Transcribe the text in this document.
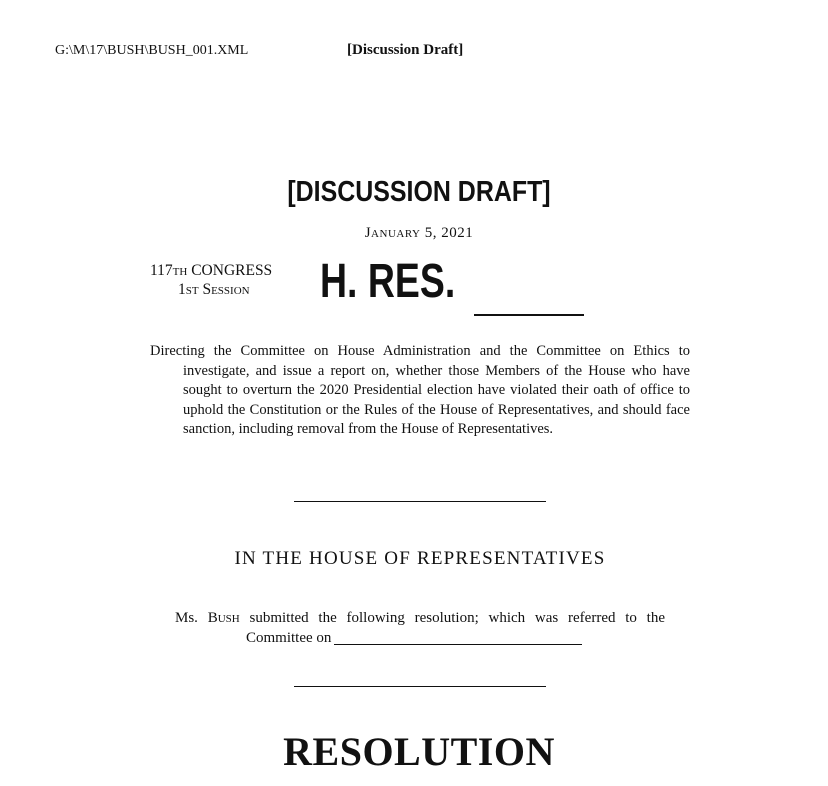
G:\M\17\BUSH\BUSH_001.XML	[Discussion Draft]
[DISCUSSION DRAFT]
January 5, 2021
117th CONGRESS
1st Session H. RES.

Directing the Committee on House Administration and the Committee on Ethics to investigate, and issue a report on, whether those Members of the House who have sought to overturn the 2020 Presidential election have violated their oath of office to uphold the Constitution or the Rules of the House of Representatives, and should face sanction, including removal from the House of Representatives.

IN THE HOUSE OF REPRESENTATIVES

Ms. Bush submitted the following resolution; which was referred to the Committee on

RESOLUTION
